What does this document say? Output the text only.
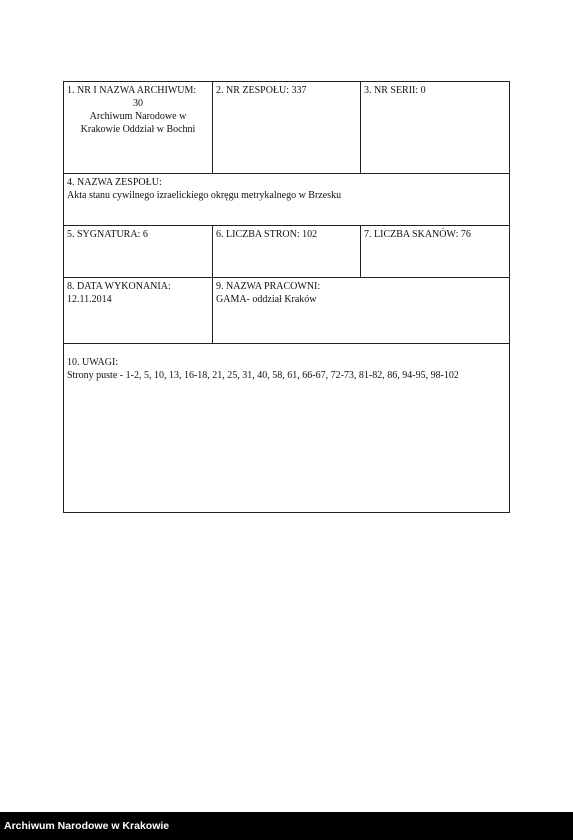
1. NR I NAZWA ARCHIWUM:
30
Archiwum Narodowe w
Krakowie Oddział w Bochni
2. NR ZESPOŁU: 337	3. NR SERII: 0
4. NAZWA ZESPOŁU:
Akta stanu cywilnego izraelickiego okręgu metrykalnego w Brzesku
5. SYGNATURA: 6	6. LICZBA STRON: 102	7. LICZBA SKANÓW: 76
8. DATA WYKONANIA:
12.11.2014
9. NAZWA PRACOWNI:
GAMA- oddział Kraków
10. UWAGI:
Strony puste - 1-2, 5, 10, 13, 16-18, 21, 25, 31, 40, 58, 61, 66-67, 72-73, 81-82, 86, 94-95, 98-102
Archiwum Narodowe w Krakowie
